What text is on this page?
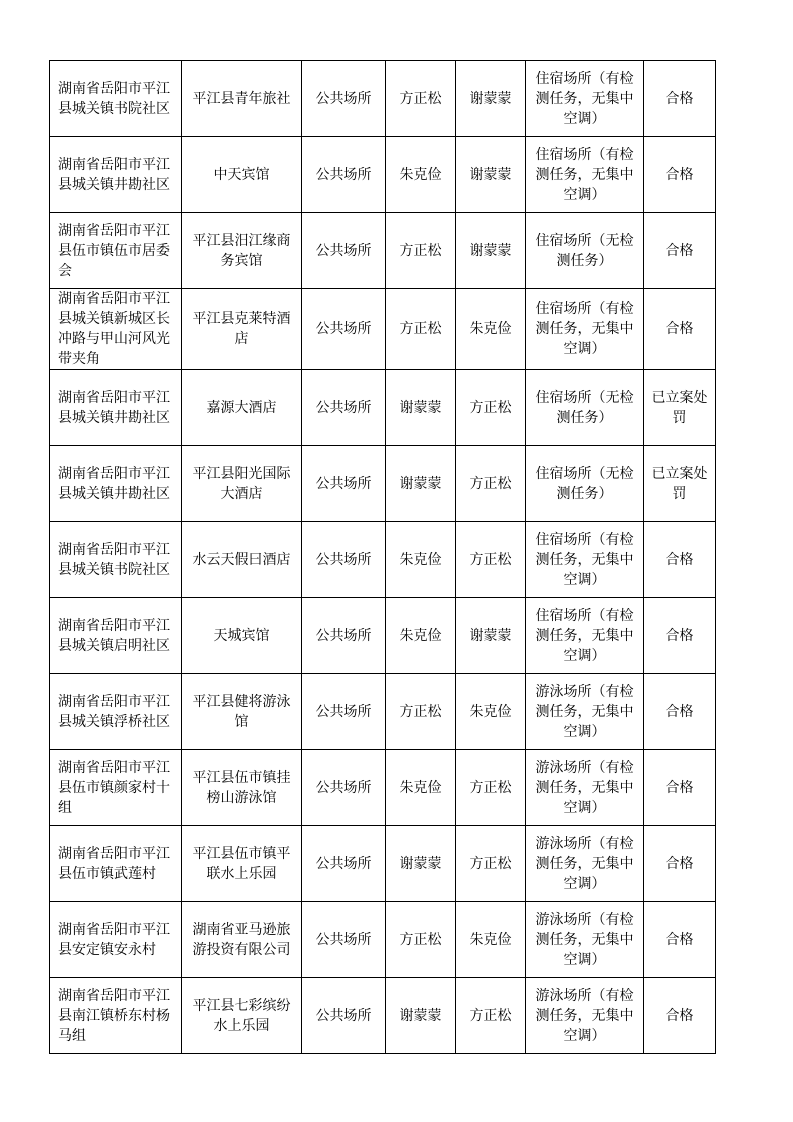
湖南省岳阳市平江县城关镇书院社区	平江县青年旅社	公共场所	方正松	谢蒙蒙	住宿场所（有检测任务，无集中空调）	合格
湖南省岳阳市平江县城关镇井勘社区	中天宾馆	公共场所	朱克俭	谢蒙蒙	住宿场所（有检测任务，无集中空调）	合格
湖南省岳阳市平江县伍市镇伍市居委会	平江县汨江缘商务宾馆	公共场所	方正松	谢蒙蒙	住宿场所（无检测任务）	合格
湖南省岳阳市平江县城关镇新城区长冲路与甲山河风光带夹角	平江县克莱特酒店	公共场所	方正松	朱克俭	住宿场所（有检测任务，无集中空调）	合格
湖南省岳阳市平江县城关镇井勘社区	嘉源大酒店	公共场所	谢蒙蒙	方正松	住宿场所（无检测任务）	已立案处罚
湖南省岳阳市平江县城关镇井勘社区	平江县阳光国际大酒店	公共场所	谢蒙蒙	方正松	住宿场所（无检测任务）	已立案处罚
湖南省岳阳市平江县城关镇书院社区	水云天假曰酒店	公共场所	朱克俭	方正松	住宿场所（有检测任务，无集中空调）	合格
湖南省岳阳市平江县城关镇启明社区	天城宾馆	公共场所	朱克俭	谢蒙蒙	住宿场所（有检测任务，无集中空调）	合格
湖南省岳阳市平江县城关镇浮桥社区	平江县健将游泳馆	公共场所	方正松	朱克俭	游泳场所（有检测任务，无集中空调）	合格
湖南省岳阳市平江县伍市镇颜家村十组	平江县伍市镇挂榜山游泳馆	公共场所	朱克俭	方正松	游泳场所（有检测任务，无集中空调）	合格
湖南省岳阳市平江县伍市镇武莲村	平江县伍市镇平联水上乐园	公共场所	谢蒙蒙	方正松	游泳场所（有检测任务，无集中空调）	合格
湖南省岳阳市平江县安定镇安永村	湖南省亚马逊旅游投资有限公司	公共场所	方正松	朱克俭	游泳场所（有检测任务，无集中空调）	合格
湖南省岳阳市平江县南江镇桥东村杨马组	平江县七彩缤纷水上乐园	公共场所	谢蒙蒙	方正松	游泳场所（有检测任务，无集中空调）	合格
